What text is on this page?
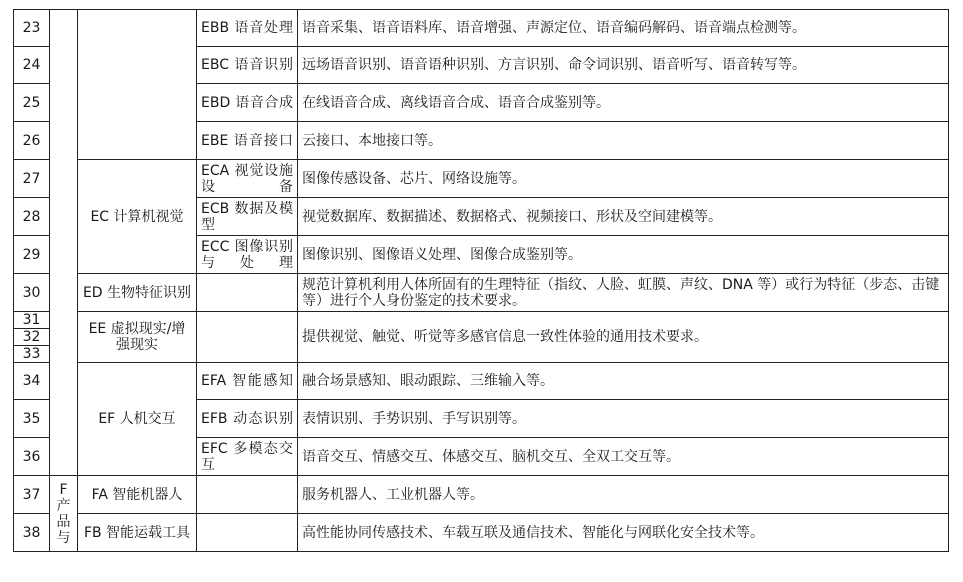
23			EBB 语音处理	语音采集、语音语料库、语音增强、声源定位、语音编码解码、语音端点检测等。
24			EBC 语音识别	远场语音识别、语音语种识别、方言识别、命令词识别、语音听写、语音转写等。
25			EBD 语音合成	在线语音合成、离线语音合成、语音合成鉴别等。
26			EBE 语音接口	云接口、本地接口等。
27		EC 计算机视觉	ECA 视觉设施设备	图像传感设备、芯片、网络设施等。
28			ECB 数据及模型	视觉数据库、数据描述、数据格式、视频接口、形状及空间建模等。
29			ECC 图像识别与处理	图像识别、图像语义处理、图像合成鉴别等。
30		ED 生物特征识别		规范计算机利用人体所固有的生理特征（指纹、人脸、虹膜、声纹、DNA 等）或行为特征（步态、击键等）进行个人身份鉴定的技术要求。
31		EE 虚拟现实/增强现实		提供视觉、触觉、听觉等多感官信息一致性体验的通用技术要求。
32				
33				
34		EF 人机交互	EFA 智能感知	融合场景感知、眼动跟踪、三维输入等。
35			EFB 动态识别	表情识别、手势识别、手写识别等。
36			EFC 多模态交互	语音交互、情感交互、体感交互、脑机交互、全双工交互等。
37	F 产品与	FA 智能机器人		服务机器人、工业机器人等。
38		FB 智能运载工具		高性能协同传感技术、车载互联及通信技术、智能化与网联化安全技术等。
